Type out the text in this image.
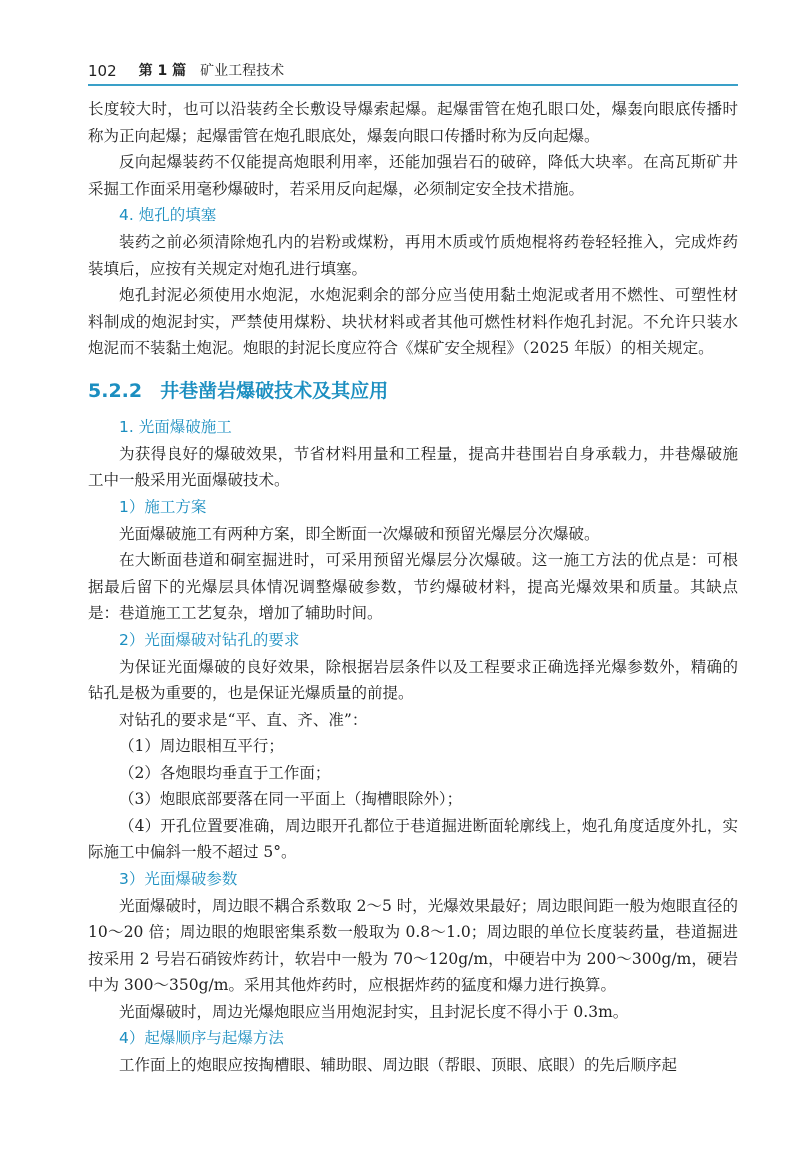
102 第 1 篇 矿业工程技术

长度较大时，也可以沿装药全长敷设导爆索起爆。起爆雷管在炮孔眼口处，爆轰向眼底传播时称为正向起爆；起爆雷管在炮孔眼底处，爆轰向眼口传播时称为反向起爆。

反向起爆装药不仅能提高炮眼利用率，还能加强岩石的破碎，降低大块率。在高瓦斯矿井采掘工作面采用毫秒爆破时，若采用反向起爆，必须制定安全技术措施。

4. 炮孔的填塞

装药之前必须清除炮孔内的岩粉或煤粉，再用木质或竹质炮棍将药卷轻轻推入，完成炸药装填后，应按有关规定对炮孔进行填塞。

炮孔封泥必须使用水炮泥，水炮泥剩余的部分应当使用黏土炮泥或者用不燃性、可塑性材料制成的炮泥封实，严禁使用煤粉、块状材料或者其他可燃性材料作炮孔封泥。不允许只装水炮泥而不装黏土炮泥。炮眼的封泥长度应符合《煤矿安全规程》（2025 年版）的相关规定。

5.2.2 井巷凿岩爆破技术及其应用
1. 光面爆破施工

为获得良好的爆破效果，节省材料用量和工程量，提高井巷围岩自身承载力，井巷爆破施工中一般采用光面爆破技术。

1）施工方案

光面爆破施工有两种方案，即全断面一次爆破和预留光爆层分次爆破。

在大断面巷道和硐室掘进时，可采用预留光爆层分次爆破。这一施工方法的优点是：可根据最后留下的光爆层具体情况调整爆破参数，节约爆破材料，提高光爆效果和质量。其缺点是：巷道施工工艺复杂，增加了辅助时间。

2）光面爆破对钻孔的要求

为保证光面爆破的良好效果，除根据岩层条件以及工程要求正确选择光爆参数外，精确的钻孔是极为重要的，也是保证光爆质量的前提。

对钻孔的要求是“平、直、齐、准”：

（1）周边眼相互平行；

（2）各炮眼均垂直于工作面；

（3）炮眼底部要落在同一平面上（掏槽眼除外）；

（4）开孔位置要准确，周边眼开孔都位于巷道掘进断面轮廓线上，炮孔角度适度外扎，实际施工中偏斜一般不超过 5°。

3）光面爆破参数

光面爆破时，周边眼不耦合系数取 2～5 时，光爆效果最好；周边眼间距一般为炮眼直径的 10～20 倍；周边眼的炮眼密集系数一般取为 0.8～1.0；周边眼的单位长度装药量，巷道掘进按采用 2 号岩石硝铵炸药计，软岩中一般为 70～120g/m，中硬岩中为 200～300g/m，硬岩中为 300～350g/m。采用其他炸药时，应根据炸药的猛度和爆力进行换算。

光面爆破时，周边光爆炮眼应当用炮泥封实，且封泥长度不得小于 0.3m。

4）起爆顺序与起爆方法

工作面上的炮眼应按掏槽眼、辅助眼、周边眼（帮眼、顶眼、底眼）的先后顺序起
